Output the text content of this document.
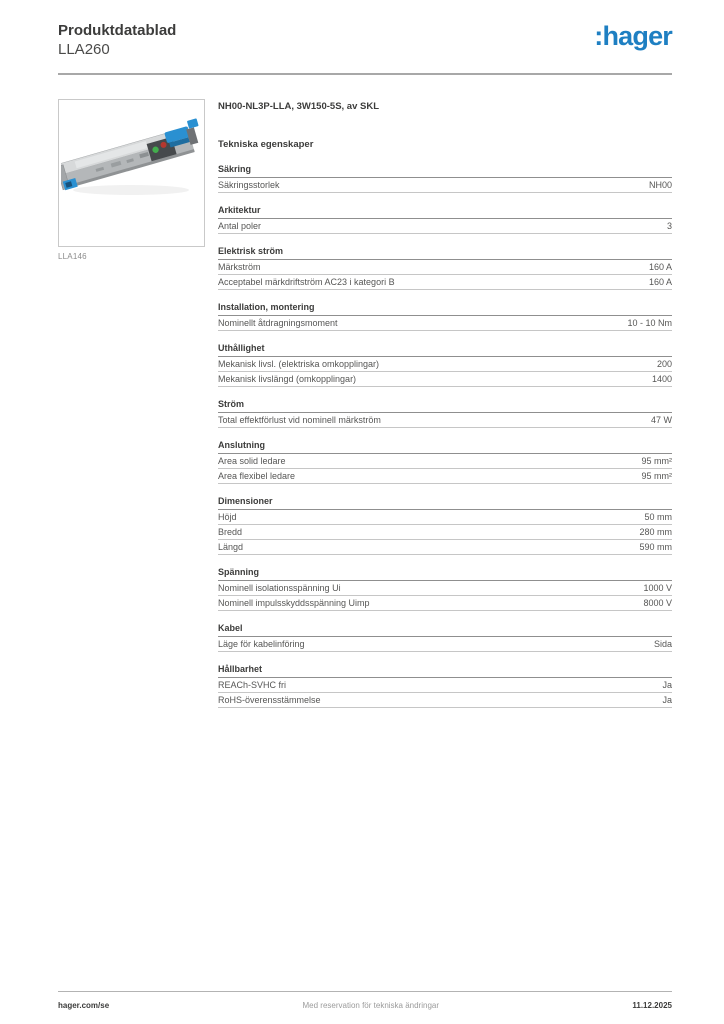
Produktdatablad
LLA260	:hager
LLA146
NH00-NL3P-LLA, 3W150-5S, av SKL
Tekniska egenskaper
Säkring
Säkringsstorlek	NH00
Arkitektur
Antal poler	3
Elektrisk ström
Märkström	160 A
Acceptabel märkdriftström AC23 i kategori B	160 A
Installation, montering
Nominellt åtdragningsmoment	10 - 10 Nm
Uthållighet
Mekanisk livsl. (elektriska omkopplingar)	200
Mekanisk livslängd (omkopplingar)	1400
Ström
Total effektförlust vid nominell märkström	47 W
Anslutning
Area solid ledare	95 mm²
Area flexibel ledare	95 mm²
Dimensioner
Höjd	50 mm
Bredd	280 mm
Längd	590 mm
Spänning
Nominell isolationsspänning Ui	1000 V
Nominell impulsskyddsspänning Uimp	8000 V
Kabel
Läge för kabelinföring	Sida
Hållbarhet
REACh-SVHC fri	Ja
RoHS-överensstämmelse	Ja
hager.com/se	Med reservation för tekniska ändringar	11.12.2025
